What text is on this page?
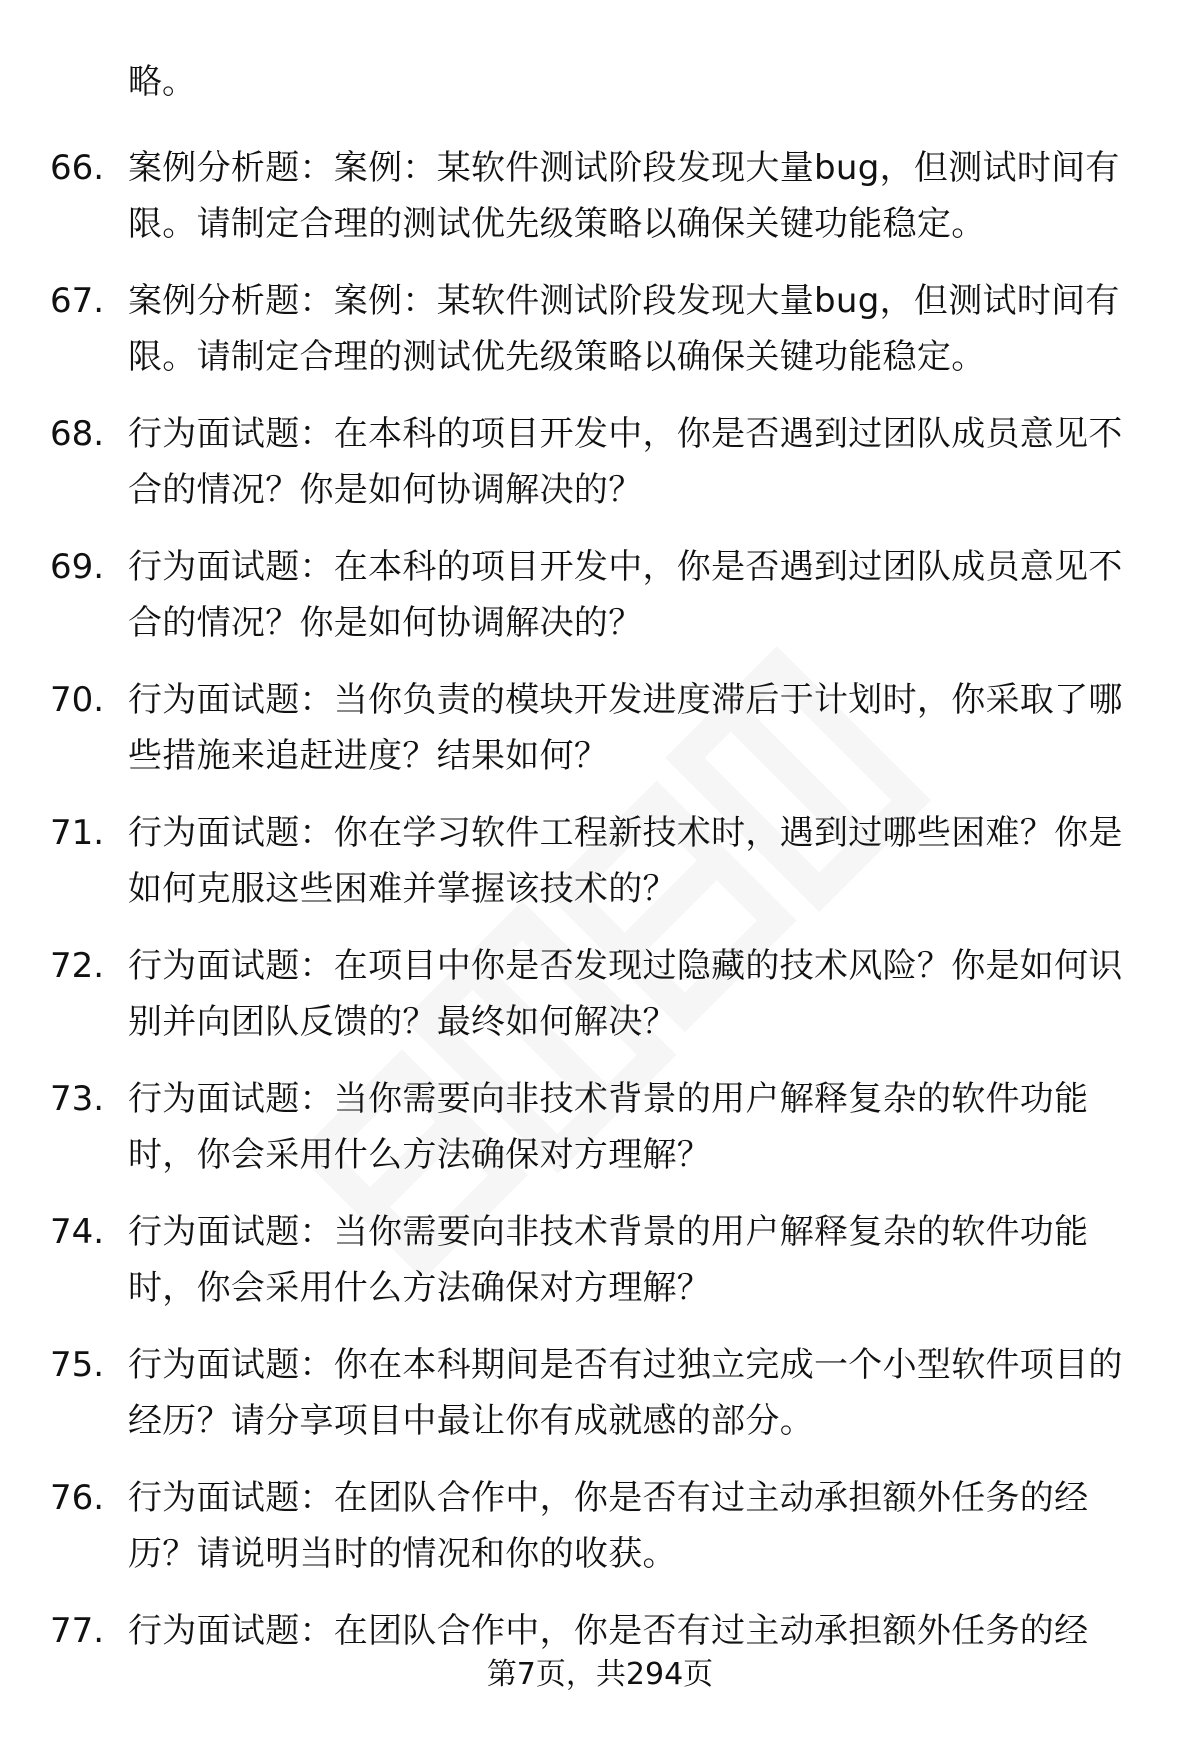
略。
66. 案例分析题：案例：某软件测试阶段发现大量bug，但测试时间有限。请制定合理的测试优先级策略以确保关键功能稳定。
67. 案例分析题：案例：某软件测试阶段发现大量bug，但测试时间有限。请制定合理的测试优先级策略以确保关键功能稳定。
68. 行为面试题：在本科的项目开发中，你是否遇到过团队成员意见不合的情况？你是如何协调解决的？
69. 行为面试题：在本科的项目开发中，你是否遇到过团队成员意见不合的情况？你是如何协调解决的？
70. 行为面试题：当你负责的模块开发进度滞后于计划时，你采取了哪些措施来追赶进度？结果如何？
71. 行为面试题：你在学习软件工程新技术时，遇到过哪些困难？你是如何克服这些困难并掌握该技术的？
72. 行为面试题：在项目中你是否发现过隐藏的技术风险？你是如何识别并向团队反馈的？最终如何解决？
73. 行为面试题：当你需要向非技术背景的用户解释复杂的软件功能时，你会采用什么方法确保对方理解？
74. 行为面试题：当你需要向非技术背景的用户解释复杂的软件功能时，你会采用什么方法确保对方理解？
75. 行为面试题：你在本科期间是否有过独立完成一个小型软件项目的经历？请分享项目中最让你有成就感的部分。
76. 行为面试题：在团队合作中，你是否有过主动承担额外任务的经历？请说明当时的情况和你的收获。
77. 行为面试题：在团队合作中，你是否有过主动承担额外任务的经
第7页，共294页
